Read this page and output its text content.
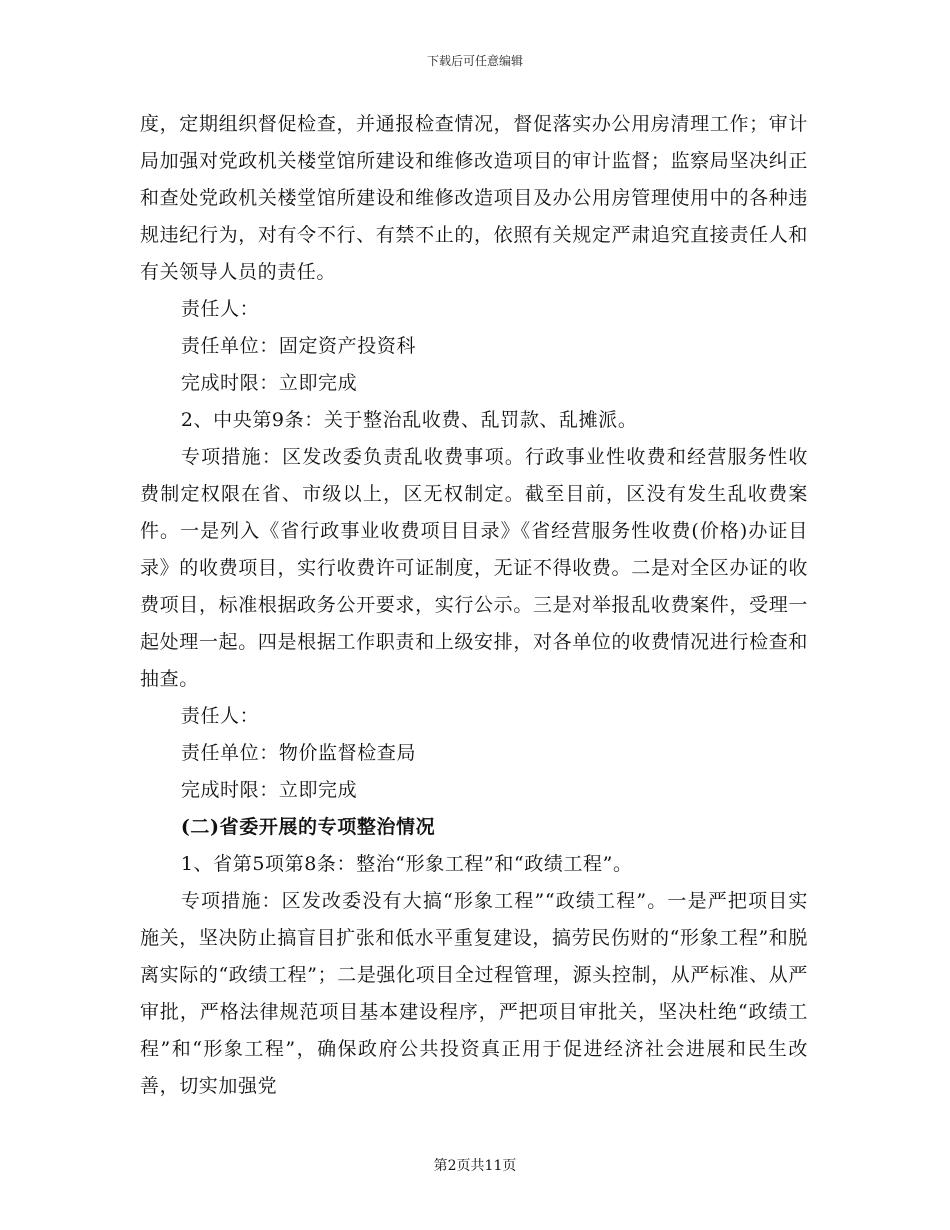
下载后可任意编辑

度，定期组织督促检查，并通报检查情况，督促落实办公用房清理工作；审计局加强对党政机关楼堂馆所建设和维修改造项目的审计监督；监察局坚决纠正和查处党政机关楼堂馆所建设和维修改造项目及办公用房管理使用中的各种违规违纪行为，对有令不行、有禁不止的，依照有关规定严肃追究直接责任人和有关领导人员的责任。

责任人：

责任单位：固定资产投资科

完成时限：立即完成

2、中央第9条：关于整治乱收费、乱罚款、乱摊派。

专项措施：区发改委负责乱收费事项。行政事业性收费和经营服务性收费制定权限在省、市级以上，区无权制定。截至目前，区没有发生乱收费案件。一是列入《省行政事业收费项目目录》《省经营服务性收费(价格)办证目录》的收费项目，实行收费许可证制度，无证不得收费。二是对全区办证的收费项目，标准根据政务公开要求，实行公示。三是对举报乱收费案件，受理一起处理一起。四是根据工作职责和上级安排，对各单位的收费情况进行检查和抽查。

责任人：

责任单位：物价监督检查局

完成时限：立即完成

(二)省委开展的专项整治情况

1、省第5项第8条：整治“形象工程”和“政绩工程”。

专项措施：区发改委没有大搞“形象工程”“政绩工程”。一是严把项目实施关，坚决防止搞盲目扩张和低水平重复建设，搞劳民伤财的“形象工程”和脱离实际的“政绩工程”；二是强化项目全过程管理，源头控制，从严标准、从严审批，严格法律规范项目基本建设程序，严把项目审批关，坚决杜绝“政绩工程”和“形象工程”，确保政府公共投资真正用于促进经济社会进展和民生改善，切实加强党

第2页共11页
